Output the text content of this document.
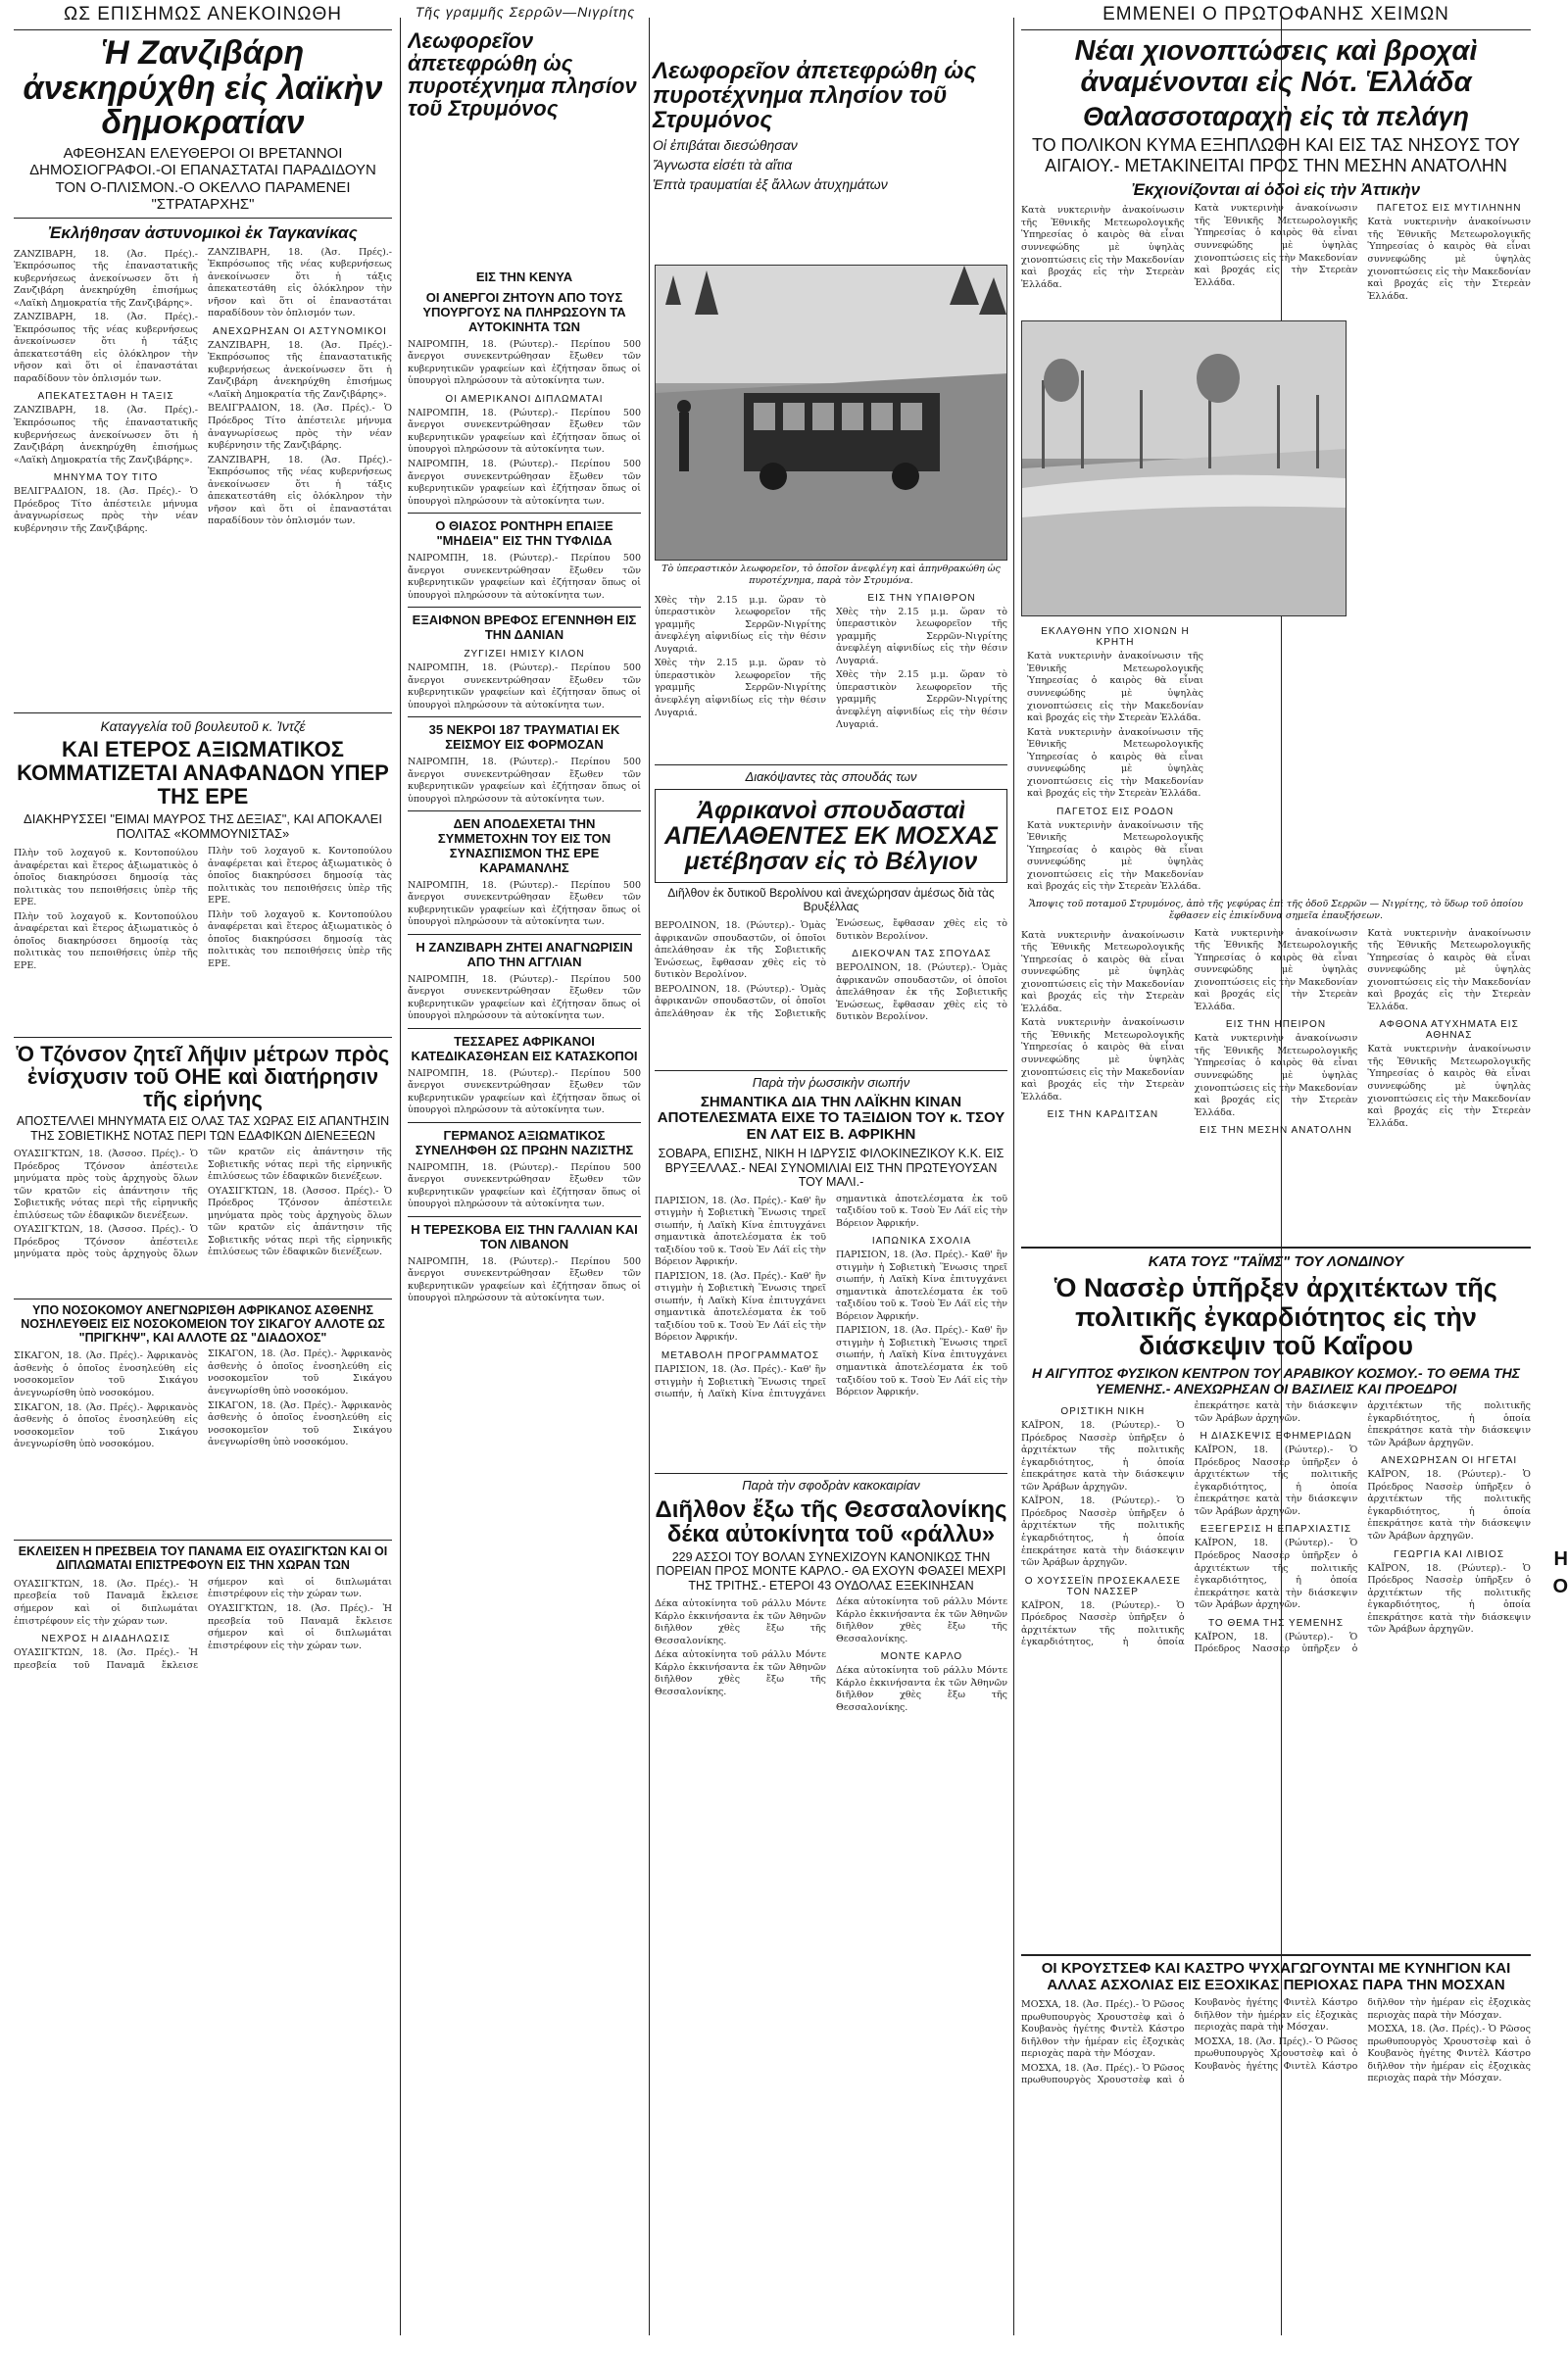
ΩΣ ΕΠΙΣΗΜΩΣ ΑΝΕΚΟΙΝΩΘΗ
Ἡ Ζανζιβάρη ἀνεκηρύχθη εἰς λαϊκὴν δημοκρατίαν
ΑΦΕΘΗΣΑΝ ΕΛΕΥΘΕΡΟΙ ΟΙ ΒΡΕΤΑΝΝΟΙ ΔΗΜΟΣΙΟΓΡΑΦΟΙ.-ΟΙ ΕΠΑΝΑΣΤΑΤΑΙ ΠΑΡΑΔΙΔΟΥΝ ΤΟΝ Ο-ΠΛΙΣΜΟΝ.-Ο ΟΚΕΛΛΟ ΠΑΡΑΜΕΝΕΙ "ΣΤΡΑΤΑΡΧΗΣ"
Ἐκλήθησαν ἀστυνομικοὶ ἐκ Ταγκανίκας

ΖΑΝΖΙΒΑΡΗ, 18. (Ἀσ. Πρές).- Ἐκπρόσωπος τῆς ἐπαναστατικῆς κυβερνήσεως ἀνεκοίνωσεν ὅτι ἡ Ζανζιβάρη ἀνεκηρύχθη ἐπισήμως «Λαϊκὴ Δημοκρατία τῆς Ζανζιβάρης».

ΖΑΝΖΙΒΑΡΗ, 18. (Ἀσ. Πρές).- Ἐκπρόσωπος τῆς νέας κυβερνήσεως ἀνεκοίνωσεν ὅτι ἡ τάξις ἀπεκατεστάθη εἰς ὁλόκληρον τὴν νῆσον καὶ ὅτι οἱ ἐπαναστάται παραδίδουν τὸν ὁπλισμόν των.

ΑΠΕΚΑΤΕΣΤΑΘΗ Η ΤΑΞΙΣ

ΖΑΝΖΙΒΑΡΗ, 18. (Ἀσ. Πρές).- Ἐκπρόσωπος τῆς ἐπαναστατικῆς κυβερνήσεως ἀνεκοίνωσεν ὅτι ἡ Ζανζιβάρη ἀνεκηρύχθη ἐπισήμως «Λαϊκὴ Δημοκρατία τῆς Ζανζιβάρης».

ΜΗΝΥΜΑ ΤΟΥ ΤΙΤΟ

ΒΕΛΙΓΡΑΔΙΟΝ, 18. (Ἀσ. Πρές).- Ὁ Πρόεδρος Τίτο ἀπέστειλε μήνυμα ἀναγνωρίσεως πρὸς τὴν νέαν κυβέρνησιν τῆς Ζανζιβάρης.

ΖΑΝΖΙΒΑΡΗ, 18. (Ἀσ. Πρές).- Ἐκπρόσωπος τῆς νέας κυβερνήσεως ἀνεκοίνωσεν ὅτι ἡ τάξις ἀπεκατεστάθη εἰς ὁλόκληρον τὴν νῆσον καὶ ὅτι οἱ ἐπαναστάται παραδίδουν τὸν ὁπλισμόν των.

ΑΝΕΧΩΡΗΣΑΝ ΟΙ ΑΣΤΥΝΟΜΙΚΟΙ

ΖΑΝΖΙΒΑΡΗ, 18. (Ἀσ. Πρές).- Ἐκπρόσωπος τῆς ἐπαναστατικῆς κυβερνήσεως ἀνεκοίνωσεν ὅτι ἡ Ζανζιβάρη ἀνεκηρύχθη ἐπισήμως «Λαϊκὴ Δημοκρατία τῆς Ζανζιβάρης».

ΒΕΛΙΓΡΑΔΙΟΝ, 18. (Ἀσ. Πρές).- Ὁ Πρόεδρος Τίτο ἀπέστειλε μήνυμα ἀναγνωρίσεως πρὸς τὴν νέαν κυβέρνησιν τῆς Ζανζιβάρης.

ΖΑΝΖΙΒΑΡΗ, 18. (Ἀσ. Πρές).- Ἐκπρόσωπος τῆς νέας κυβερνήσεως ἀνεκοίνωσεν ὅτι ἡ τάξις ἀπεκατεστάθη εἰς ὁλόκληρον τὴν νῆσον καὶ ὅτι οἱ ἐπαναστάται παραδίδουν τὸν ὁπλισμόν των.

Καταγγελία τοῦ βουλευτοῦ κ. Ἰντζέ
ΚΑΙ ΕΤΕΡΟΣ ΑΞΙΩΜΑΤΙΚΟΣ ΚΟΜΜΑΤΙΖΕΤΑΙ ΑΝΑΦΑΝΔΟΝ ΥΠΕΡ ΤΗΣ ΕΡΕ
ΔΙΑΚΗΡΥΣΣΕΙ "ΕΙΜΑΙ ΜΑΥΡΟΣ ΤΗΣ ΔΕΞΙΑΣ", ΚΑΙ ΑΠΟΚΑΛΕΙ ΠΟΛΙΤΑΣ «ΚΟΜΜΟΥΝΙΣΤΑΣ»

Πλὴν τοῦ λοχαγοῦ κ. Κοντοπούλου ἀναφέρεται καὶ ἕτερος ἀξιωματικὸς ὁ ὁποῖος διακηρύσσει δημοσίᾳ τὰς πολιτικὰς του πεποιθήσεις ὑπὲρ τῆς ΕΡΕ.

Πλὴν τοῦ λοχαγοῦ κ. Κοντοπούλου ἀναφέρεται καὶ ἕτερος ἀξιωματικὸς ὁ ὁποῖος διακηρύσσει δημοσίᾳ τὰς πολιτικὰς του πεποιθήσεις ὑπὲρ τῆς ΕΡΕ.

Πλὴν τοῦ λοχαγοῦ κ. Κοντοπούλου ἀναφέρεται καὶ ἕτερος ἀξιωματικὸς ὁ ὁποῖος διακηρύσσει δημοσίᾳ τὰς πολιτικὰς του πεποιθήσεις ὑπὲρ τῆς ΕΡΕ.

Πλὴν τοῦ λοχαγοῦ κ. Κοντοπούλου ἀναφέρεται καὶ ἕτερος ἀξιωματικὸς ὁ ὁποῖος διακηρύσσει δημοσίᾳ τὰς πολιτικὰς του πεποιθήσεις ὑπὲρ τῆς ΕΡΕ.

Ὁ Τζόνσον ζητεῖ λῆψιν μέτρων πρὸς ἐνίσχυσιν τοῦ ΟΗΕ καὶ διατήρησιν τῆς εἰρήνης
ΑΠΟΣΤΕΛΛΕΙ ΜΗΝΥΜΑΤΑ ΕΙΣ ΟΛΑΣ ΤΑΣ ΧΩΡΑΣ ΕΙΣ ΑΠΑΝΤΗΣΙΝ ΤΗΣ ΣΟΒΙΕΤΙΚΗΣ ΝΟΤΑΣ ΠΕΡΙ ΤΩΝ ΕΔΑΦΙΚΩΝ ΔΙΕΝΕΞΕΩΝ

ΟΥΑΣΙΓΚΤΩΝ, 18. (Ἀσσοσ. Πρές).- Ὁ Πρόεδρος Τζόνσον ἀπέστειλε μηνύματα πρὸς τοὺς ἀρχηγοὺς ὅλων τῶν κρατῶν εἰς ἀπάντησιν τῆς Σοβιετικῆς νότας περὶ τῆς εἰρηνικῆς ἐπιλύσεως τῶν ἐδαφικῶν διενέξεων.

ΟΥΑΣΙΓΚΤΩΝ, 18. (Ἀσσοσ. Πρές).- Ὁ Πρόεδρος Τζόνσον ἀπέστειλε μηνύματα πρὸς τοὺς ἀρχηγοὺς ὅλων τῶν κρατῶν εἰς ἀπάντησιν τῆς Σοβιετικῆς νότας περὶ τῆς εἰρηνικῆς ἐπιλύσεως τῶν ἐδαφικῶν διενέξεων.

ΟΥΑΣΙΓΚΤΩΝ, 18. (Ἀσσοσ. Πρές).- Ὁ Πρόεδρος Τζόνσον ἀπέστειλε μηνύματα πρὸς τοὺς ἀρχηγοὺς ὅλων τῶν κρατῶν εἰς ἀπάντησιν τῆς Σοβιετικῆς νότας περὶ τῆς εἰρηνικῆς ἐπιλύσεως τῶν ἐδαφικῶν διενέξεων.

ΥΠΟ ΝΟΣΟΚΟΜΟΥ ΑΝΕΓΝΩΡΙΣΘΗ ΑΦΡΙΚΑΝΟΣ ΑΣΘΕΝΗΣ ΝΟΣΗΛΕΥΘΕΙΣ ΕΙΣ ΝΟΣΟΚΟΜΕΙΟΝ ΤΟΥ ΣΙΚΑΓΟΥ ΑΛΛΟΤΕ ΩΣ "ΠΡΙΓΚΗΨ", ΚΑΙ ΑΛΛΟΤΕ ΩΣ "ΔΙΑΔΟΧΟΣ"

ΣΙΚΑΓΟΝ, 18. (Ἀσ. Πρές).- Ἀφρικανὸς ἀσθενὴς ὁ ὁποῖος ἐνοσηλεύθη εἰς νοσοκομεῖον τοῦ Σικάγου ἀνεγνωρίσθη ὑπὸ νοσοκόμου.

ΣΙΚΑΓΟΝ, 18. (Ἀσ. Πρές).- Ἀφρικανὸς ἀσθενὴς ὁ ὁποῖος ἐνοσηλεύθη εἰς νοσοκομεῖον τοῦ Σικάγου ἀνεγνωρίσθη ὑπὸ νοσοκόμου.

ΣΙΚΑΓΟΝ, 18. (Ἀσ. Πρές).- Ἀφρικανὸς ἀσθενὴς ὁ ὁποῖος ἐνοσηλεύθη εἰς νοσοκομεῖον τοῦ Σικάγου ἀνεγνωρίσθη ὑπὸ νοσοκόμου.

ΣΙΚΑΓΟΝ, 18. (Ἀσ. Πρές).- Ἀφρικανὸς ἀσθενὴς ὁ ὁποῖος ἐνοσηλεύθη εἰς νοσοκομεῖον τοῦ Σικάγου ἀνεγνωρίσθη ὑπὸ νοσοκόμου.

ΕΚΛΕΙΣΕΝ Η ΠΡΕΣΒΕΙΑ ΤΟΥ ΠΑΝΑΜΑ ΕΙΣ ΟΥΑΣΙΓΚΤΩΝ ΚΑΙ ΟΙ ΔΙΠΛΩΜΑΤΑΙ ΕΠΙΣΤΡΕΦΟΥΝ ΕΙΣ ΤΗΝ ΧΩΡΑΝ ΤΩΝ

ΟΥΑΣΙΓΚΤΩΝ, 18. (Ἀσ. Πρές).- Ἡ πρεσβεία τοῦ Παναμᾶ ἔκλεισε σήμερον καὶ οἱ διπλωμάται ἐπιστρέφουν εἰς τὴν χώραν των.

ΝΕΧΡΟΣ Η ΔΙΑΔΗΛΩΣΙΣ

ΟΥΑΣΙΓΚΤΩΝ, 18. (Ἀσ. Πρές).- Ἡ πρεσβεία τοῦ Παναμᾶ ἔκλεισε σήμερον καὶ οἱ διπλωμάται ἐπιστρέφουν εἰς τὴν χώραν των.

ΟΥΑΣΙΓΚΤΩΝ, 18. (Ἀσ. Πρές).- Ἡ πρεσβεία τοῦ Παναμᾶ ἔκλεισε σήμερον καὶ οἱ διπλωμάται ἐπιστρέφουν εἰς τὴν χώραν των.

Τῆς γραμμῆς Σερρῶν—Νιγρίτης
Λεωφορεῖον ἀπετεφρώθη ὡς πυροτέχνημα πλησίον τοῦ Στρυμόνος
Λεωφορεῖον ἀπετεφρώθη ὡς πυροτέχνημα πλησίον τοῦ Στρυμόνος
Οἱ ἐπιβάται διεσώθησαν
Ἄγνωστα εἰσέτι τὰ αἴτια
Ἑπτὰ τραυματίαι ἐξ ἄλλων ἀτυχημάτων
ΕΙΣ ΤΗΝ ΚΕΝΥΑ
ΟΙ ΑΝΕΡΓΟΙ ΖΗΤΟΥΝ ΑΠΟ ΤΟΥΣ ΥΠΟΥΡΓΟΥΣ ΝΑ ΠΛΗΡΩΣΟΥΝ ΤΑ ΑΥΤΟΚΙΝΗΤΑ ΤΩΝ

ΝΑΙΡΟΜΠΗ, 18. (Ρώυτερ).- Περίπου 500 ἄνεργοι συνεκεντρώθησαν ἔξωθεν τῶν κυβερνητικῶν γραφείων καὶ ἐζήτησαν ὅπως οἱ ὑπουργοὶ πληρώσουν τὰ αὐτοκίνητα των.

ΟΙ ΑΜΕΡΙΚΑΝΟΙ ΔΙΠΛΩΜΑΤΑΙ

ΝΑΙΡΟΜΠΗ, 18. (Ρώυτερ).- Περίπου 500 ἄνεργοι συνεκεντρώθησαν ἔξωθεν τῶν κυβερνητικῶν γραφείων καὶ ἐζήτησαν ὅπως οἱ ὑπουργοὶ πληρώσουν τὰ αὐτοκίνητα των.

ΝΑΙΡΟΜΠΗ, 18. (Ρώυτερ).- Περίπου 500 ἄνεργοι συνεκεντρώθησαν ἔξωθεν τῶν κυβερνητικῶν γραφείων καὶ ἐζήτησαν ὅπως οἱ ὑπουργοὶ πληρώσουν τὰ αὐτοκίνητα των.

Ο ΘΙΑΣΟΣ ΡΟΝΤΗΡΗ ΕΠΑΙΞΕ "ΜΗΔΕΙΑ" ΕΙΣ ΤΗΝ ΤΥΦΛΙΔΑ

ΝΑΙΡΟΜΠΗ, 18. (Ρώυτερ).- Περίπου 500 ἄνεργοι συνεκεντρώθησαν ἔξωθεν τῶν κυβερνητικῶν γραφείων καὶ ἐζήτησαν ὅπως οἱ ὑπουργοὶ πληρώσουν τὰ αὐτοκίνητα των.

ΕΞΑΙΦΝΟΝ ΒΡΕΦΟΣ ΕΓΕΝΝΗΘΗ ΕΙΣ ΤΗΝ ΔΑΝΙΑΝ
ΖΥΓΙΖΕΙ ΗΜΙΣΥ ΚΙΛΟΝ

ΝΑΙΡΟΜΠΗ, 18. (Ρώυτερ).- Περίπου 500 ἄνεργοι συνεκεντρώθησαν ἔξωθεν τῶν κυβερνητικῶν γραφείων καὶ ἐζήτησαν ὅπως οἱ ὑπουργοὶ πληρώσουν τὰ αὐτοκίνητα των.

35 ΝΕΚΡΟΙ 187 ΤΡΑΥΜΑΤΙΑΙ ΕΚ ΣΕΙΣΜΟΥ ΕΙΣ ΦΟΡΜΟΖΑΝ

ΝΑΙΡΟΜΠΗ, 18. (Ρώυτερ).- Περίπου 500 ἄνεργοι συνεκεντρώθησαν ἔξωθεν τῶν κυβερνητικῶν γραφείων καὶ ἐζήτησαν ὅπως οἱ ὑπουργοὶ πληρώσουν τὰ αὐτοκίνητα των.

ΔΕΝ ΑΠΟΔΕΧΕΤΑΙ ΤΗΝ ΣΥΜΜΕΤΟΧΗΝ ΤΟΥ ΕΙΣ ΤΟΝ ΣΥΝΑΣΠΙΣΜΟΝ ΤΗΣ ΕΡΕ ΚΑΡΑΜΑΝΛΗΣ

ΝΑΙΡΟΜΠΗ, 18. (Ρώυτερ).- Περίπου 500 ἄνεργοι συνεκεντρώθησαν ἔξωθεν τῶν κυβερνητικῶν γραφείων καὶ ἐζήτησαν ὅπως οἱ ὑπουργοὶ πληρώσουν τὰ αὐτοκίνητα των.

Η ΖΑΝΖΙΒΑΡΗ ΖΗΤΕΙ ΑΝΑΓΝΩΡΙΣΙΝ ΑΠΟ ΤΗΝ ΑΓΓΛΙΑΝ

ΝΑΙΡΟΜΠΗ, 18. (Ρώυτερ).- Περίπου 500 ἄνεργοι συνεκεντρώθησαν ἔξωθεν τῶν κυβερνητικῶν γραφείων καὶ ἐζήτησαν ὅπως οἱ ὑπουργοὶ πληρώσουν τὰ αὐτοκίνητα των.

ΤΕΣΣΑΡΕΣ ΑΦΡΙΚΑΝΟΙ ΚΑΤΕΔΙΚΑΣΘΗΣΑΝ ΕΙΣ ΚΑΤΑΣΚΟΠΟΙ

ΝΑΙΡΟΜΠΗ, 18. (Ρώυτερ).- Περίπου 500 ἄνεργοι συνεκεντρώθησαν ἔξωθεν τῶν κυβερνητικῶν γραφείων καὶ ἐζήτησαν ὅπως οἱ ὑπουργοὶ πληρώσουν τὰ αὐτοκίνητα των.

ΓΕΡΜΑΝΟΣ ΑΞΙΩΜΑΤΙΚΟΣ ΣΥΝΕΛΗΦΘΗ ΩΣ ΠΡΩΗΝ ΝΑΖΙΣΤΗΣ

ΝΑΙΡΟΜΠΗ, 18. (Ρώυτερ).- Περίπου 500 ἄνεργοι συνεκεντρώθησαν ἔξωθεν τῶν κυβερνητικῶν γραφείων καὶ ἐζήτησαν ὅπως οἱ ὑπουργοὶ πληρώσουν τὰ αὐτοκίνητα των.

Η ΤΕΡΕΣΚΟΒΑ ΕΙΣ ΤΗΝ ΓΑΛΛΙΑΝ ΚΑΙ ΤΟΝ ΛΙΒΑΝΟΝ

ΝΑΙΡΟΜΠΗ, 18. (Ρώυτερ).- Περίπου 500 ἄνεργοι συνεκεντρώθησαν ἔξωθεν τῶν κυβερνητικῶν γραφείων καὶ ἐζήτησαν ὅπως οἱ ὑπουργοὶ πληρώσουν τὰ αὐτοκίνητα των.

Τὸ ὑπεραστικὸν λεωφορεῖον, τὸ ὁποῖον ἀνεφλέγη καὶ ἀπηνθρακώθη ὡς πυροτέχνημα, παρὰ τὸν Στρυμόνα.

Χθὲς τὴν 2.15 μ.μ. ὥραν τὸ ὑπεραστικὸν λεωφορεῖον τῆς γραμμῆς Σερρῶν-Νιγρίτης ἀνεφλέγη αἰφνιδίως εἰς τὴν θέσιν Λυγαριά.

Χθὲς τὴν 2.15 μ.μ. ὥραν τὸ ὑπεραστικὸν λεωφορεῖον τῆς γραμμῆς Σερρῶν-Νιγρίτης ἀνεφλέγη αἰφνιδίως εἰς τὴν θέσιν Λυγαριά.

ΕΙΣ ΤΗΝ ΥΠΑΙΘΡΟΝ

Χθὲς τὴν 2.15 μ.μ. ὥραν τὸ ὑπεραστικὸν λεωφορεῖον τῆς γραμμῆς Σερρῶν-Νιγρίτης ἀνεφλέγη αἰφνιδίως εἰς τὴν θέσιν Λυγαριά.

Χθὲς τὴν 2.15 μ.μ. ὥραν τὸ ὑπεραστικὸν λεωφορεῖον τῆς γραμμῆς Σερρῶν-Νιγρίτης ἀνεφλέγη αἰφνιδίως εἰς τὴν θέσιν Λυγαριά.

Διακόψαντες τὰς σπουδάς των
Ἀφρικανοὶ σπουδασταὶ ΑΠΕΛΑΘΕΝΤΕΣ ΕΚ ΜΟΣΧΑΣ μετέβησαν εἰς τὸ Βέλγιον
Διῆλθον ἐκ δυτικοῦ Βερολίνου καὶ ἀνεχώρησαν ἀμέσως διὰ τὰς Βρυξέλλας

ΒΕΡΟΛΙΝΟΝ, 18. (Ρώυτερ).- Ὁμὰς ἀφρικανῶν σπουδαστῶν, οἱ ὁποῖοι ἀπελάθησαν ἐκ τῆς Σοβιετικῆς Ἑνώσεως, ἔφθασαν χθὲς εἰς τὸ δυτικὸν Βερολίνον.

ΒΕΡΟΛΙΝΟΝ, 18. (Ρώυτερ).- Ὁμὰς ἀφρικανῶν σπουδαστῶν, οἱ ὁποῖοι ἀπελάθησαν ἐκ τῆς Σοβιετικῆς Ἑνώσεως, ἔφθασαν χθὲς εἰς τὸ δυτικὸν Βερολίνον.

ΔΙΕΚΟΨΑΝ ΤΑΣ ΣΠΟΥΔΑΣ

ΒΕΡΟΛΙΝΟΝ, 18. (Ρώυτερ).- Ὁμὰς ἀφρικανῶν σπουδαστῶν, οἱ ὁποῖοι ἀπελάθησαν ἐκ τῆς Σοβιετικῆς Ἑνώσεως, ἔφθασαν χθὲς εἰς τὸ δυτικὸν Βερολίνον.

Παρὰ τὴν ῥωσσικὴν σιωπήν
ΣΗΜΑΝΤΙΚΑ ΔΙΑ ΤΗΝ ΛΑΪΚΗΝ ΚΙΝΑΝ ΑΠΟΤΕΛΕΣΜΑΤΑ ΕΙΧΕ ΤΟ ΤΑΞΙΔΙΟΝ ΤΟΥ κ. ΤΣΟΥ ΕΝ ΛΑΤ ΕΙΣ Β. ΑΦΡΙΚΗΝ
ΣΟΒΑΡΑ, ΕΠΙΣΗΣ, ΝΙΚΗ Η ΙΔΡΥΣΙΣ ΦΙΛΟΚΙΝΕΖΙΚΟΥ Κ.Κ. ΕΙΣ ΒΡΥΞΕΛΛΑΣ.- ΝΕΑΙ ΣΥΝΟΜΙΛΙΑΙ ΕΙΣ ΤΗΝ ΠΡΩΤΕΥΟΥΣΑΝ ΤΟΥ ΜΑΛΙ.-

ΠΑΡΙΣΙΟΝ, 18. (Ἀσ. Πρές).- Καθ' ἣν στιγμὴν ἡ Σοβιετικὴ Ἕνωσις τηρεῖ σιωπήν, ἡ Λαϊκὴ Κίνα ἐπιτυγχάνει σημαντικὰ ἀποτελέσματα ἐκ τοῦ ταξιδίου τοῦ κ. Τσοὺ Ἐν Λάϊ εἰς τὴν Βόρειον Ἀφρικήν.

ΠΑΡΙΣΙΟΝ, 18. (Ἀσ. Πρές).- Καθ' ἣν στιγμὴν ἡ Σοβιετικὴ Ἕνωσις τηρεῖ σιωπήν, ἡ Λαϊκὴ Κίνα ἐπιτυγχάνει σημαντικὰ ἀποτελέσματα ἐκ τοῦ ταξιδίου τοῦ κ. Τσοὺ Ἐν Λάϊ εἰς τὴν Βόρειον Ἀφρικήν.

ΜΕΤΑΒΟΛΗ ΠΡΟΓΡΑΜΜΑΤΟΣ

ΠΑΡΙΣΙΟΝ, 18. (Ἀσ. Πρές).- Καθ' ἣν στιγμὴν ἡ Σοβιετικὴ Ἕνωσις τηρεῖ σιωπήν, ἡ Λαϊκὴ Κίνα ἐπιτυγχάνει σημαντικὰ ἀποτελέσματα ἐκ τοῦ ταξιδίου τοῦ κ. Τσοὺ Ἐν Λάϊ εἰς τὴν Βόρειον Ἀφρικήν.

ΙΑΠΩΝΙΚΑ ΣΧΟΛΙΑ

ΠΑΡΙΣΙΟΝ, 18. (Ἀσ. Πρές).- Καθ' ἣν στιγμὴν ἡ Σοβιετικὴ Ἕνωσις τηρεῖ σιωπήν, ἡ Λαϊκὴ Κίνα ἐπιτυγχάνει σημαντικὰ ἀποτελέσματα ἐκ τοῦ ταξιδίου τοῦ κ. Τσοὺ Ἐν Λάϊ εἰς τὴν Βόρειον Ἀφρικήν.

ΠΑΡΙΣΙΟΝ, 18. (Ἀσ. Πρές).- Καθ' ἣν στιγμὴν ἡ Σοβιετικὴ Ἕνωσις τηρεῖ σιωπήν, ἡ Λαϊκὴ Κίνα ἐπιτυγχάνει σημαντικὰ ἀποτελέσματα ἐκ τοῦ ταξιδίου τοῦ κ. Τσοὺ Ἐν Λάϊ εἰς τὴν Βόρειον Ἀφρικήν.

Παρὰ τὴν σφοδρὰν κακοκαιρίαν
Διῆλθον ἔξω τῆς Θεσσαλονίκης δέκα αὐτοκίνητα τοῦ «ράλλυ»
229 ΑΣΣΟΙ ΤΟΥ ΒΟΛΑΝ ΣΥΝΕΧΙΖΟΥΝ ΚΑΝΟΝΙΚΩΣ ΤΗΝ ΠΟΡΕΙΑΝ ΠΡΟΣ ΜΟΝΤΕ ΚΑΡΛΟ.- ΘΑ ΕΧΟΥΝ ΦΘΑΣΕΙ ΜΕΧΡΙ ΤΗΣ ΤΡΙΤΗΣ.- ΕΤΕΡΟΙ 43 ΟΥΔΟΛΑΣ ΕΞΕΚΙΝΗΣΑΝ

Δέκα αὐτοκίνητα τοῦ ράλλυ Μόντε Κάρλο ἐκκινήσαντα ἐκ τῶν Ἀθηνῶν διῆλθον χθὲς ἔξω τῆς Θεσσαλονίκης.

Δέκα αὐτοκίνητα τοῦ ράλλυ Μόντε Κάρλο ἐκκινήσαντα ἐκ τῶν Ἀθηνῶν διῆλθον χθὲς ἔξω τῆς Θεσσαλονίκης.

Δέκα αὐτοκίνητα τοῦ ράλλυ Μόντε Κάρλο ἐκκινήσαντα ἐκ τῶν Ἀθηνῶν διῆλθον χθὲς ἔξω τῆς Θεσσαλονίκης.

ΜΟΝΤΕ ΚΑΡΛΟ

Δέκα αὐτοκίνητα τοῦ ράλλυ Μόντε Κάρλο ἐκκινήσαντα ἐκ τῶν Ἀθηνῶν διῆλθον χθὲς ἔξω τῆς Θεσσαλονίκης.

ΕΜΜΕΝΕΙ Ο ΠΡΩΤΟΦΑΝΗΣ ΧΕΙΜΩΝ
Νέαι χιονοπτώσεις καὶ βροχαὶ ἀναμένονται εἰς Νότ. Ἑλλάδα
Θαλασσοταραχὴ εἰς τὰ πελάγη
ΤΟ ΠΟΛΙΚΟΝ ΚΥΜΑ ΕΞΗΠΛΩΘΗ ΚΑΙ ΕΙΣ ΤΑΣ ΝΗΣΟΥΣ ΤΟΥ ΑΙΓΑΙΟΥ.- ΜΕΤΑΚΙΝΕΙΤΑΙ ΠΡΟΣ ΤΗΝ ΜΕΣΗΝ ΑΝΑΤΟΛΗΝ
Ἐκχιονίζονται αἱ ὁδοὶ εἰς τὴν Ἀττικὴν

Κατὰ νυκτερινὴν ἀνακοίνωσιν τῆς Ἐθνικῆς Μετεωρολογικῆς Ὑπηρεσίας ὁ καιρὸς θὰ εἶναι συννεφώδης μὲ ὑψηλὰς χιονοπτώσεις εἰς τὴν Μακεδονίαν καὶ βροχάς εἰς τὴν Στερεὰν Ἑλλάδα.

Κατὰ νυκτερινὴν ἀνακοίνωσιν τῆς Ἐθνικῆς Μετεωρολογικῆς Ὑπηρεσίας ὁ καιρὸς θὰ εἶναι συννεφώδης μὲ ὑψηλὰς χιονοπτώσεις εἰς τὴν Μακεδονίαν καὶ βροχάς εἰς τὴν Στερεὰν Ἑλλάδα.

ΠΑΓΕΤΟΣ ΕΙΣ ΜΥΤΙΛΗΝΗΝ

Κατὰ νυκτερινὴν ἀνακοίνωσιν τῆς Ἐθνικῆς Μετεωρολογικῆς Ὑπηρεσίας ὁ καιρὸς θὰ εἶναι συννεφώδης μὲ ὑψηλὰς χιονοπτώσεις εἰς τὴν Μακεδονίαν καὶ βροχάς εἰς τὴν Στερεὰν Ἑλλάδα.

ΕΚΛΑΥΘΗΝ ΥΠΟ ΧΙΟΝΩΝ Η ΚΡΗΤΗ

Κατὰ νυκτερινὴν ἀνακοίνωσιν τῆς Ἐθνικῆς Μετεωρολογικῆς Ὑπηρεσίας ὁ καιρὸς θὰ εἶναι συννεφώδης μὲ ὑψηλὰς χιονοπτώσεις εἰς τὴν Μακεδονίαν καὶ βροχάς εἰς τὴν Στερεὰν Ἑλλάδα.

Κατὰ νυκτερινὴν ἀνακοίνωσιν τῆς Ἐθνικῆς Μετεωρολογικῆς Ὑπηρεσίας ὁ καιρὸς θὰ εἶναι συννεφώδης μὲ ὑψηλὰς χιονοπτώσεις εἰς τὴν Μακεδονίαν καὶ βροχάς εἰς τὴν Στερεὰν Ἑλλάδα.

ΠΑΓΕΤΟΣ ΕΙΣ ΡΟΔΟΝ

Κατὰ νυκτερινὴν ἀνακοίνωσιν τῆς Ἐθνικῆς Μετεωρολογικῆς Ὑπηρεσίας ὁ καιρὸς θὰ εἶναι συννεφώδης μὲ ὑψηλὰς χιονοπτώσεις εἰς τὴν Μακεδονίαν καὶ βροχάς εἰς τὴν Στερεὰν Ἑλλάδα.

Ἄποψις τοῦ ποταμοῦ Στρυμόνος, ἀπὸ τῆς γεφύρας ἐπὶ τῆς ὁδοῦ Σερρῶν — Νιγρίτης, τὸ ὕδωρ τοῦ ὁποίου ἔφθασεν εἰς ἐπικίνδυνα σημεῖα ἐπαυξήσεων.

Κατὰ νυκτερινὴν ἀνακοίνωσιν τῆς Ἐθνικῆς Μετεωρολογικῆς Ὑπηρεσίας ὁ καιρὸς θὰ εἶναι συννεφώδης μὲ ὑψηλὰς χιονοπτώσεις εἰς τὴν Μακεδονίαν καὶ βροχάς εἰς τὴν Στερεὰν Ἑλλάδα.

Κατὰ νυκτερινὴν ἀνακοίνωσιν τῆς Ἐθνικῆς Μετεωρολογικῆς Ὑπηρεσίας ὁ καιρὸς θὰ εἶναι συννεφώδης μὲ ὑψηλὰς χιονοπτώσεις εἰς τὴν Μακεδονίαν καὶ βροχάς εἰς τὴν Στερεὰν Ἑλλάδα.

ΕΙΣ ΤΗΝ ΚΑΡΔΙΤΣΑΝ

Κατὰ νυκτερινὴν ἀνακοίνωσιν τῆς Ἐθνικῆς Μετεωρολογικῆς Ὑπηρεσίας ὁ καιρὸς θὰ εἶναι συννεφώδης μὲ ὑψηλὰς χιονοπτώσεις εἰς τὴν Μακεδονίαν καὶ βροχάς εἰς τὴν Στερεὰν Ἑλλάδα.

ΕΙΣ ΤΗΝ ΗΠΕΙΡΟΝ

Κατὰ νυκτερινὴν ἀνακοίνωσιν τῆς Ἐθνικῆς Μετεωρολογικῆς Ὑπηρεσίας ὁ καιρὸς θὰ εἶναι συννεφώδης μὲ ὑψηλὰς χιονοπτώσεις εἰς τὴν Μακεδονίαν καὶ βροχάς εἰς τὴν Στερεὰν Ἑλλάδα.

ΕΙΣ ΤΗΝ ΜΕΣΗΝ ΑΝΑΤΟΛΗΝ

Κατὰ νυκτερινὴν ἀνακοίνωσιν τῆς Ἐθνικῆς Μετεωρολογικῆς Ὑπηρεσίας ὁ καιρὸς θὰ εἶναι συννεφώδης μὲ ὑψηλὰς χιονοπτώσεις εἰς τὴν Μακεδονίαν καὶ βροχάς εἰς τὴν Στερεὰν Ἑλλάδα.

ΑΦΘΟΝΑ ΑΤΥΧΗΜΑΤΑ ΕΙΣ ΑΘΗΝΑΣ

Κατὰ νυκτερινὴν ἀνακοίνωσιν τῆς Ἐθνικῆς Μετεωρολογικῆς Ὑπηρεσίας ὁ καιρὸς θὰ εἶναι συννεφώδης μὲ ὑψηλὰς χιονοπτώσεις εἰς τὴν Μακεδονίαν καὶ βροχάς εἰς τὴν Στερεὰν Ἑλλάδα.

ΚΑΤΑ ΤΟΥΣ "ΤΑΪΜΣ" ΤΟΥ ΛΟΝΔΙΝΟΥ
Ὁ Νασσὲρ ὑπῆρξεν ἀρχιτέκτων τῆς πολιτικῆς ἐγκαρδιότητος εἰς τὴν διάσκεψιν τοῦ Καΐρου
Η ΑΙΓΥΠΤΟΣ ΦΥΣΙΚΟΝ ΚΕΝΤΡΟΝ ΤΟΥ ΑΡΑΒΙΚΟΥ ΚΟΣΜΟΥ.- ΤΟ ΘΕΜΑ ΤΗΣ ΥΕΜΕΝΗΣ.- ΑΝΕΧΩΡΗΣΑΝ ΟΙ ΒΑΣΙΛΕΙΣ ΚΑΙ ΠΡΟΕΔΡΟΙ
ΟΡΙΣΤΙΚΗ ΝΙΚΗ

ΚΑΪΡΟΝ, 18. (Ρώυτερ).- Ὁ Πρόεδρος Νασσὲρ ὑπῆρξεν ὁ ἀρχιτέκτων τῆς πολιτικῆς ἐγκαρδιότητος, ἡ ὁποία ἐπεκράτησε κατὰ τὴν διάσκεψιν τῶν Ἀράβων ἀρχηγῶν.

ΚΑΪΡΟΝ, 18. (Ρώυτερ).- Ὁ Πρόεδρος Νασσὲρ ὑπῆρξεν ὁ ἀρχιτέκτων τῆς πολιτικῆς ἐγκαρδιότητος, ἡ ὁποία ἐπεκράτησε κατὰ τὴν διάσκεψιν τῶν Ἀράβων ἀρχηγῶν.

Ο ΧΟΥΣΣΕΪΝ ΠΡΟΣΕΚΑΛΕΣΕ ΤΟΝ ΝΑΣΣΕΡ

ΚΑΪΡΟΝ, 18. (Ρώυτερ).- Ὁ Πρόεδρος Νασσὲρ ὑπῆρξεν ὁ ἀρχιτέκτων τῆς πολιτικῆς ἐγκαρδιότητος, ἡ ὁποία ἐπεκράτησε κατὰ τὴν διάσκεψιν τῶν Ἀράβων ἀρχηγῶν.

Η ΔΙΑΣΚΕΨΙΣ ΕΦΗΜΕΡΙΔΩΝ

ΚΑΪΡΟΝ, 18. (Ρώυτερ).- Ὁ Πρόεδρος Νασσὲρ ὑπῆρξεν ὁ ἀρχιτέκτων τῆς πολιτικῆς ἐγκαρδιότητος, ἡ ὁποία ἐπεκράτησε κατὰ τὴν διάσκεψιν τῶν Ἀράβων ἀρχηγῶν.

ΕΞΕΓΕΡΣΙΣ Η ΕΠΑΡΧΙΑΣΤΙΣ

ΚΑΪΡΟΝ, 18. (Ρώυτερ).- Ὁ Πρόεδρος Νασσὲρ ὑπῆρξεν ὁ ἀρχιτέκτων τῆς πολιτικῆς ἐγκαρδιότητος, ἡ ὁποία ἐπεκράτησε κατὰ τὴν διάσκεψιν τῶν Ἀράβων ἀρχηγῶν.

ΤΟ ΘΕΜΑ ΤΗΣ ΥΕΜΕΝΗΣ

ΚΑΪΡΟΝ, 18. (Ρώυτερ).- Ὁ Πρόεδρος Νασσὲρ ὑπῆρξεν ὁ ἀρχιτέκτων τῆς πολιτικῆς ἐγκαρδιότητος, ἡ ὁποία ἐπεκράτησε κατὰ τὴν διάσκεψιν τῶν Ἀράβων ἀρχηγῶν.

ΑΝΕΧΩΡΗΣΑΝ ΟΙ ΗΓΕΤΑΙ

ΚΑΪΡΟΝ, 18. (Ρώυτερ).- Ὁ Πρόεδρος Νασσὲρ ὑπῆρξεν ὁ ἀρχιτέκτων τῆς πολιτικῆς ἐγκαρδιότητος, ἡ ὁποία ἐπεκράτησε κατὰ τὴν διάσκεψιν τῶν Ἀράβων ἀρχηγῶν.

ΓΕΩΡΓΙΑ ΚΑΙ ΛΙΒΙΟΣ

ΚΑΪΡΟΝ, 18. (Ρώυτερ).- Ὁ Πρόεδρος Νασσὲρ ὑπῆρξεν ὁ ἀρχιτέκτων τῆς πολιτικῆς ἐγκαρδιότητος, ἡ ὁποία ἐπεκράτησε κατὰ τὴν διάσκεψιν τῶν Ἀράβων ἀρχηγῶν.

ΟΙ ΚΡΟΥΣΤΣΕΦ ΚΑΙ ΚΑΣΤΡΟ ΨΥΧΑΓΩΓΟΥΝΤΑΙ ΜΕ ΚΥΝΗΓΙΟΝ ΚΑΙ ΑΛΛΑΣ ΑΣΧΟΛΙΑΣ ΕΙΣ ΕΞΟΧΙΚΑΣ ΠΕΡΙΟΧΑΣ ΠΑΡΑ ΤΗΝ ΜΟΣΧΑΝ

ΜΟΣΧΑ, 18. (Ἀσ. Πρές).- Ὁ Ρῶσος πρωθυπουργὸς Χρουστσὲφ καὶ ὁ Κουβανὸς ἡγέτης Φιντὲλ Κάστρο διῆλθον τὴν ἡμέραν εἰς ἐξοχικὰς περιοχὰς παρὰ τὴν Μόσχαν.

ΜΟΣΧΑ, 18. (Ἀσ. Πρές).- Ὁ Ρῶσος πρωθυπουργὸς Χρουστσὲφ καὶ ὁ Κουβανὸς ἡγέτης Φιντὲλ Κάστρο διῆλθον τὴν ἡμέραν εἰς ἐξοχικὰς περιοχὰς παρὰ τὴν Μόσχαν.

ΜΟΣΧΑ, 18. (Ἀσ. Πρές).- Ὁ Ρῶσος πρωθυπουργὸς Χρουστσὲφ καὶ ὁ Κουβανὸς ἡγέτης Φιντὲλ Κάστρο διῆλθον τὴν ἡμέραν εἰς ἐξοχικὰς περιοχὰς παρὰ τὴν Μόσχαν.

ΜΟΣΧΑ, 18. (Ἀσ. Πρές).- Ὁ Ρῶσος πρωθυπουργὸς Χρουστσὲφ καὶ ὁ Κουβανὸς ἡγέτης Φιντὲλ Κάστρο διῆλθον τὴν ἡμέραν εἰς ἐξοχικὰς περιοχὰς παρὰ τὴν Μόσχαν.

Η
Ο
